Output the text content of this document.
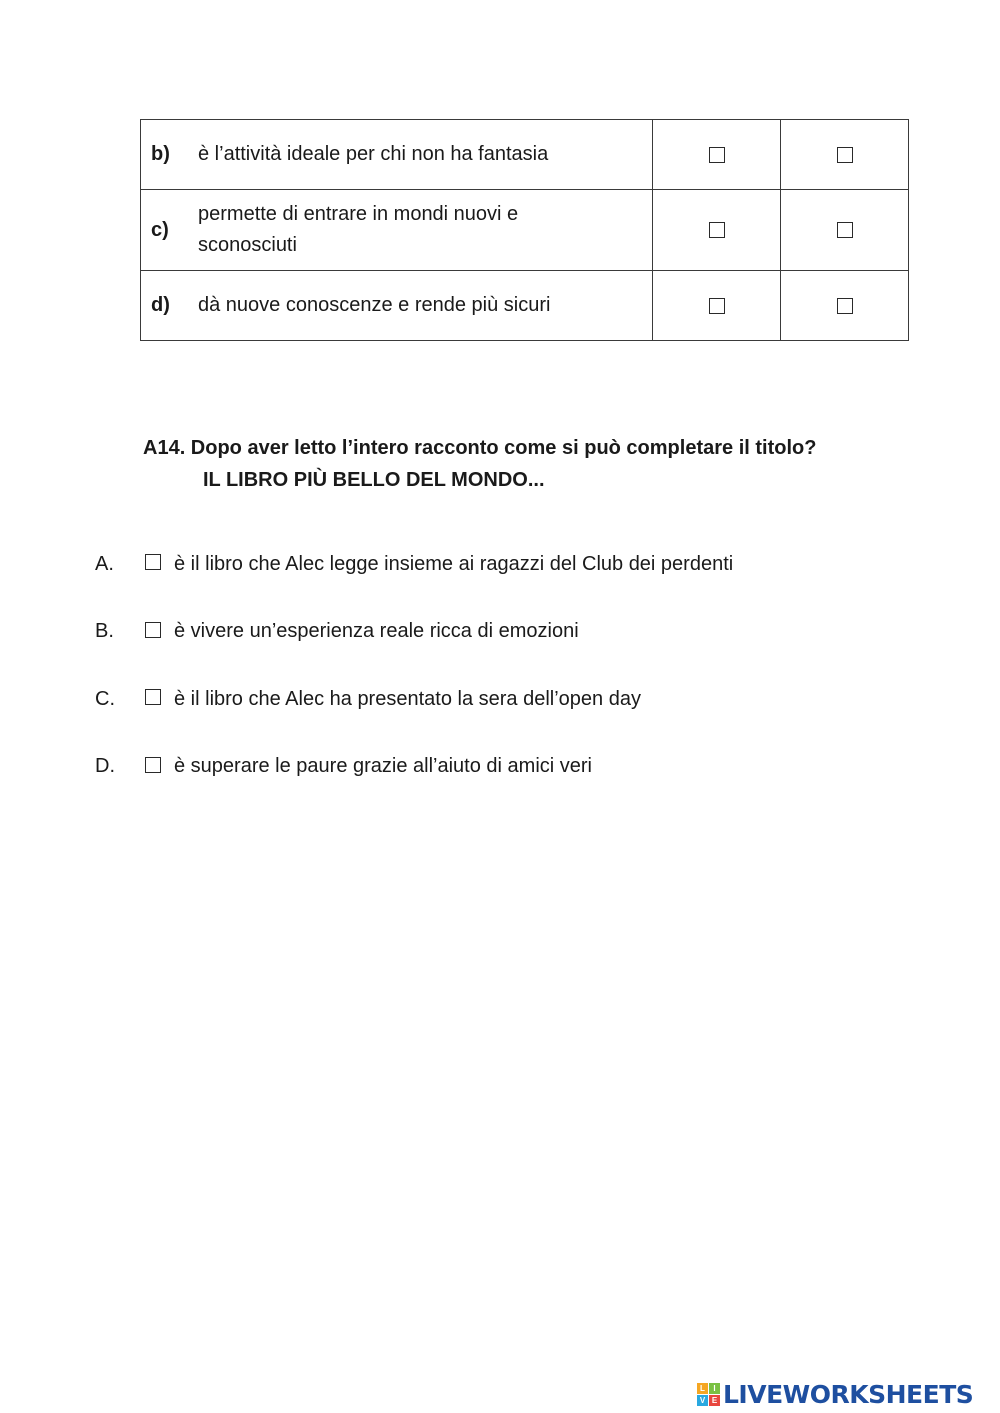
b) è l’attività ideale per chi non ha fantasia		

c)
permette di entrare in mondi nuovi e sconosciuti		

d) dà nuove conoscenze e rende più sicuri		

A14. Dopo aver letto l’intero racconto come si può completare il titolo?
IL LIBRO PIÙ BELLO DEL MONDO...
A.	è il libro che Alec legge insieme ai ragazzi del Club dei perdenti
B.	è vivere un’esperienza reale ricca di emozioni
C.	è il libro che Alec ha presentato la sera dell’open day
D.	è superare le paure grazie all’aiuto di amici veri
L	I
V E LIVEWORKSHEETS
